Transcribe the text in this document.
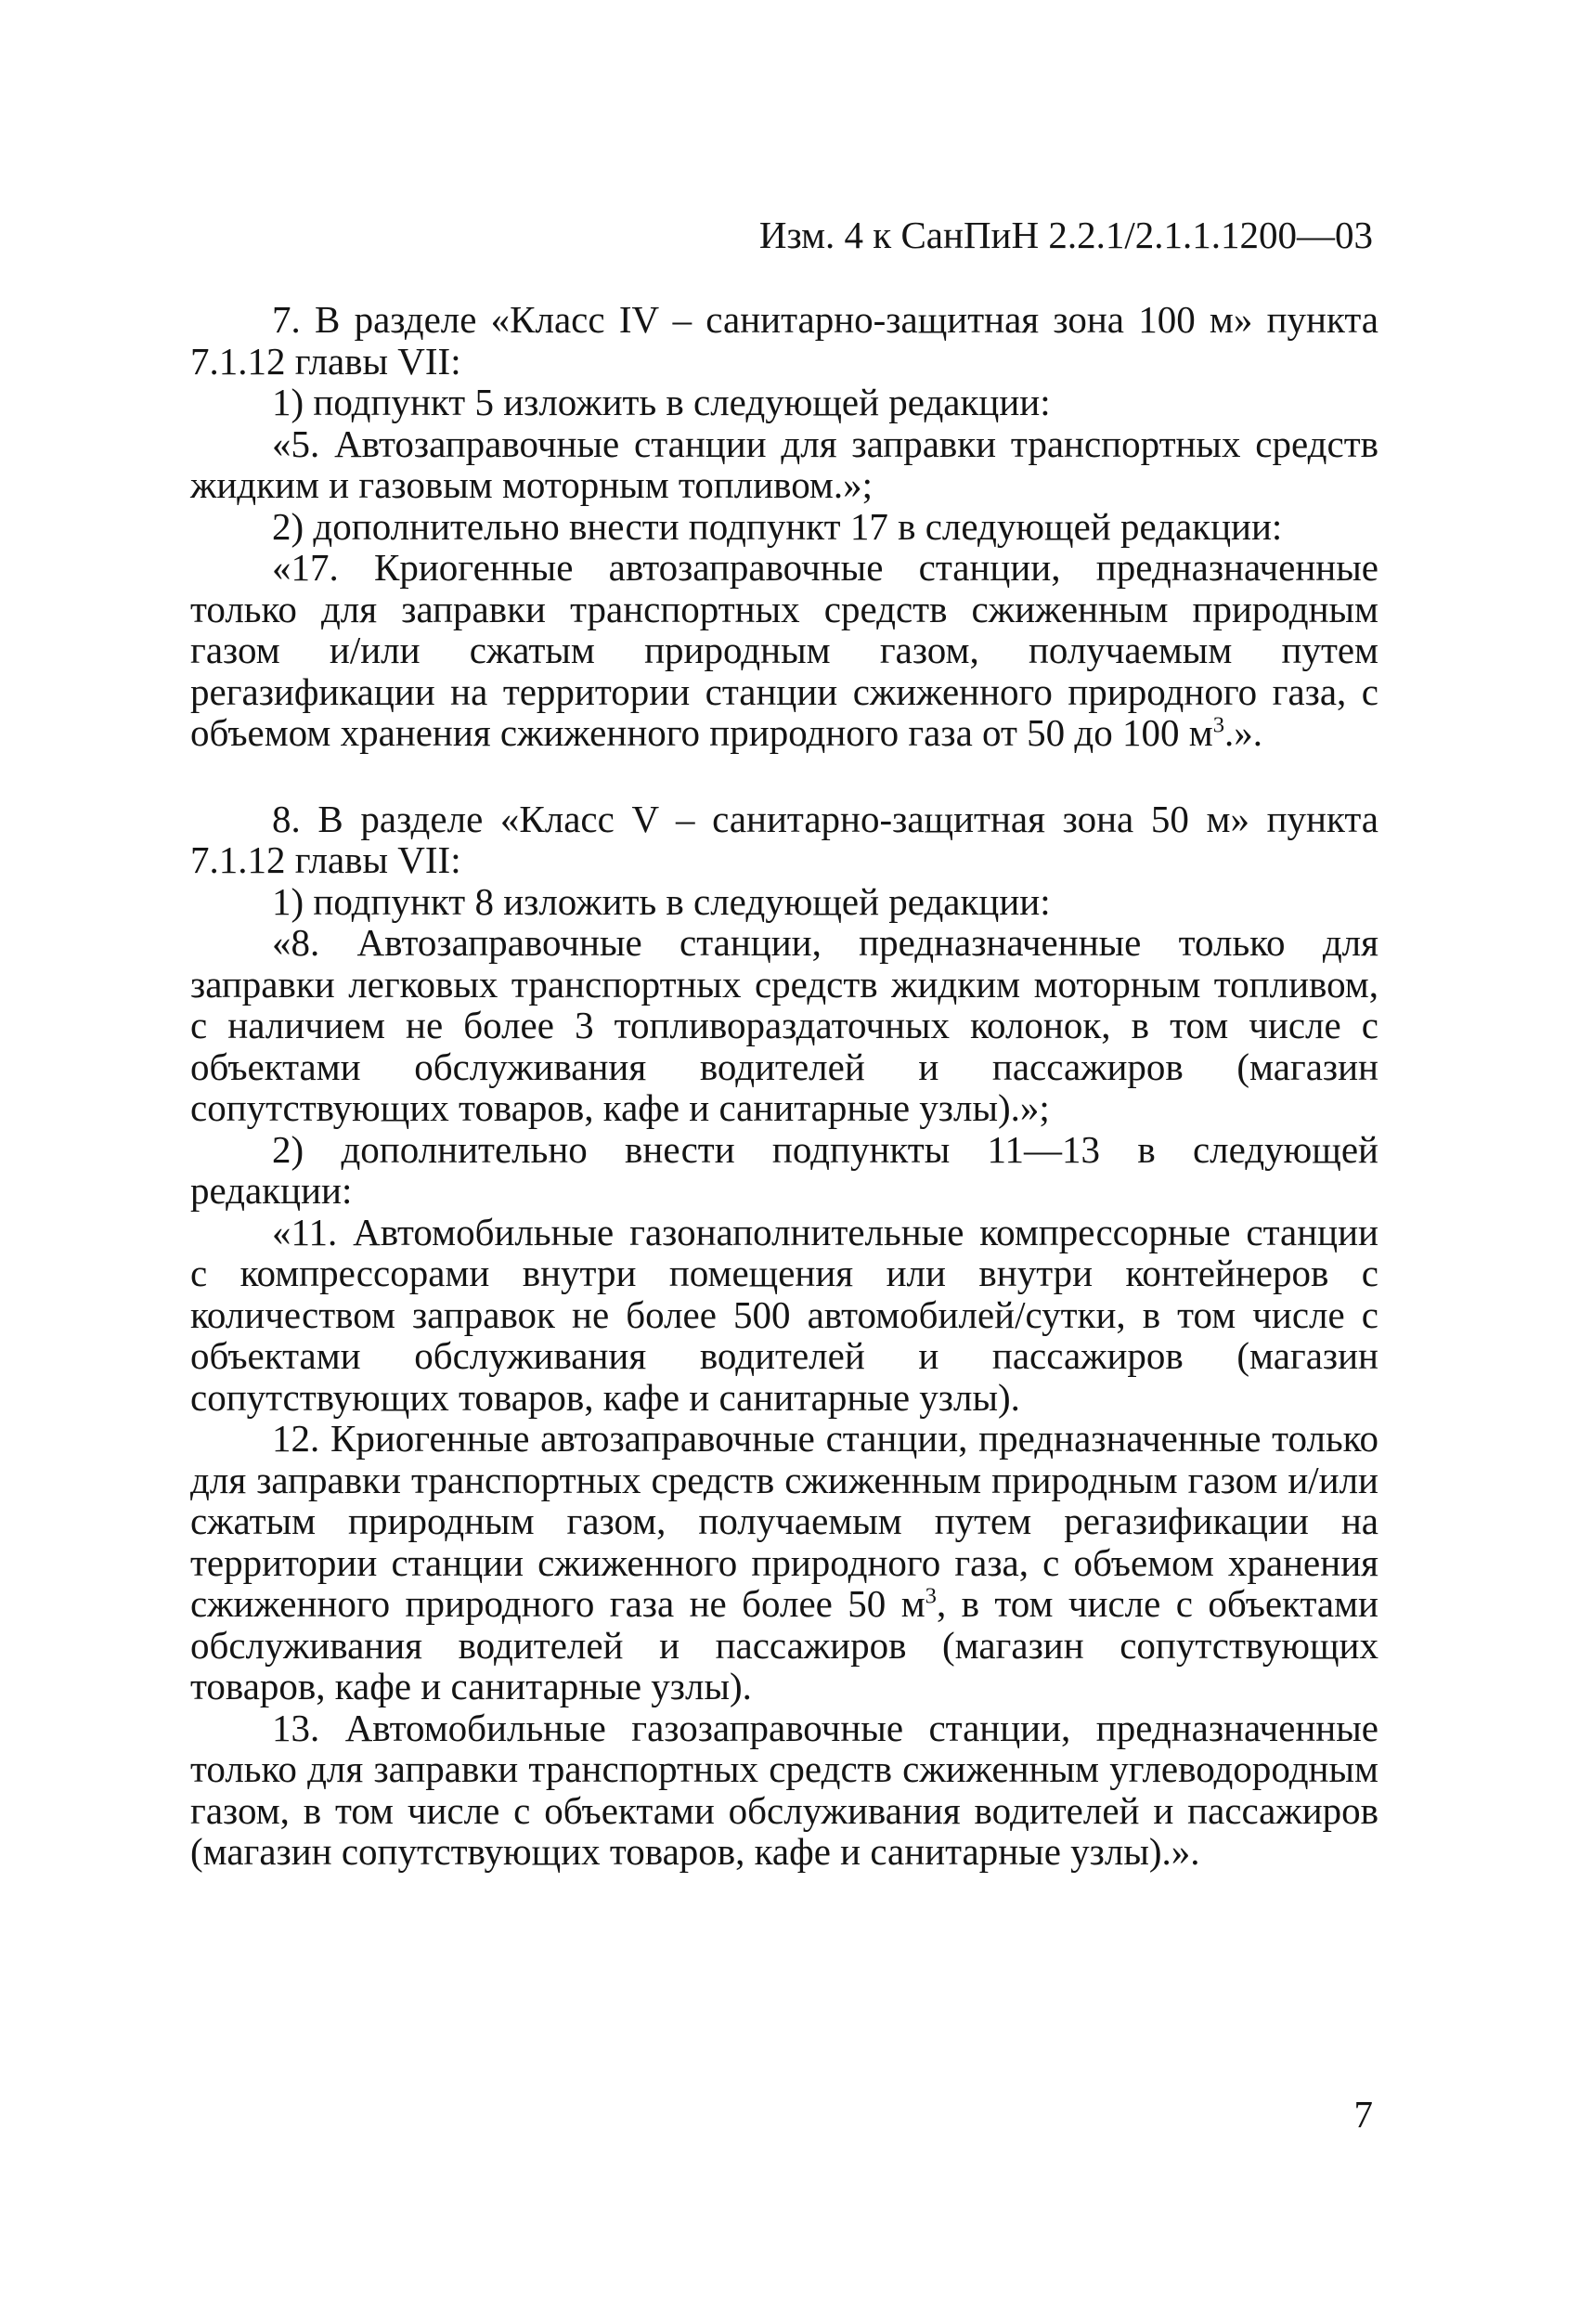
Изм. 4 к СанПиН 2.2.1/2.1.1.1200—03

7. В разделе «Класс IV – санитарно-защитная зона 100 м» пункта 7.1.12 главы VII:

1) подпункт 5 изложить в следующей редакции:

«5. Автозаправочные станции для заправки транспортных средств жидким и газовым моторным топливом.»;

2) дополнительно внести подпункт 17 в следующей редакции:

«17. Криогенные автозаправочные станции, предназначенные только для заправки транспортных средств сжиженным природным газом и/или сжатым природным газом, получаемым путем регазификации на территории станции сжиженного природного газа, с объемом хранения сжиженного природного газа от 50 до 100 $м^3$.».

8. В разделе «Класс V – санитарно-защитная зона 50 м» пункта 7.1.12 главы VII:

1) подпункт 8 изложить в следующей редакции:

«8. Автозаправочные станции, предназначенные только для заправки легковых транспортных средств жидким моторным топливом, с наличием не более 3 топливораздаточных колонок, в том числе с объектами обслуживания водителей и пассажиров (магазин сопутствующих товаров, кафе и санитарные узлы).»;

2) дополнительно внести подпункты 11—13 в следующей редакции:

«11. Автомобильные газонаполнительные компрессорные станции с компрессорами внутри помещения или внутри контейнеров с количеством заправок не более 500 автомобилей/сутки, в том числе с объектами обслуживания водителей и пассажиров (магазин сопутствующих товаров, кафе и санитарные узлы).

12. Криогенные автозаправочные станции, предназначенные только для заправки транспортных средств сжиженным природным газом и/или сжатым природным газом, получаемым путем регазификации на территории станции сжиженного природного газа, с объемом хранения сжиженного природного газа не более 50 $м^3$, в том числе с объектами обслуживания водителей и пассажиров (магазин сопутствующих товаров, кафе и санитарные узлы).

13. Автомобильные газозаправочные станции, предназначенные только для заправки транспортных средств сжиженным углеводородным газом, в том числе с объектами обслуживания водителей и пассажиров (магазин сопутствующих товаров, кафе и санитарные узлы).».

7
